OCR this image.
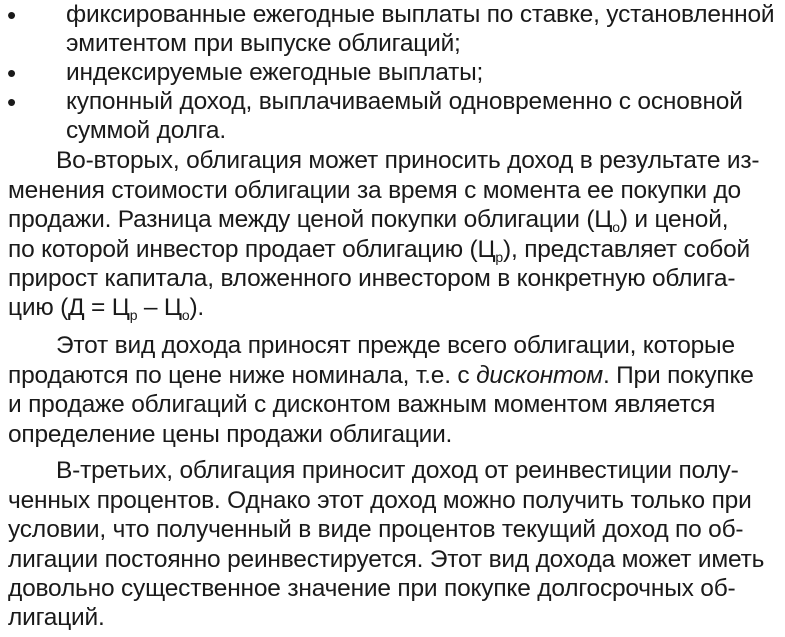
• фиксированные ежегодные выплаты по ставке, установленной
эмитентом при выпуске облигаций;
• индексируемые ежегодные выплаты;
• купонный доход, выплачиваемый одновременно с основной
суммой долга.
Во-вторых, облигация может приносить доход в результате из-
менения стоимости облигации за время с момента ее покупки до
продажи. Разница между ценой покупки облигации $(Ц_о)$ и ценой,
по которой инвестор продает облигацию $(Ц_р)$, представляет собой
прирост капитала, вложенного инвестором в конкретную облига-
цию $(Д = Ц_р - Ц_о)$.
Этот вид дохода приносят прежде всего облигации, которые
продаются по цене ниже номинала, т.е. с дисконтом. При покупке
и продаже облигаций с дисконтом важным моментом является
определение цены продажи облигации.
В-третьих, облигация приносит доход от реинвестиции полу-
ченных процентов. Однако этот доход можно получить только при
условии, что полученный в виде процентов текущий доход по об-
лигации постоянно реинвестируется. Этот вид дохода может иметь
довольно существенное значение при покупке долгосрочных об-
лигаций.
